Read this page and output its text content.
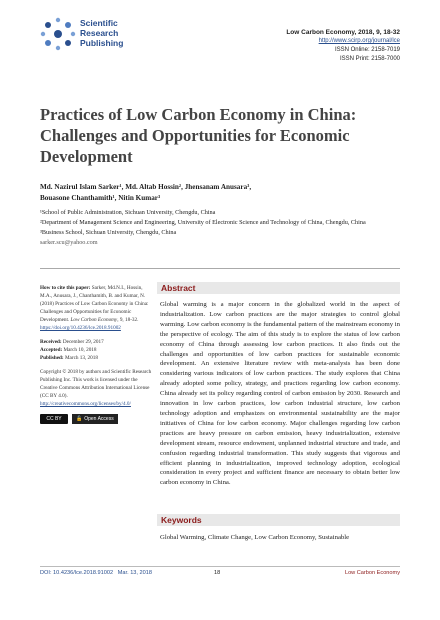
Scientific
Research
Publishing
Low Carbon Economy, 2018, 9, 18-32
http://www.scirp.org/journal/lce
ISSN Online: 2158-7019
ISSN Print: 2158-7000
Practices of Low Carbon Economy in China: Challenges and Opportunities for Economic Development
Md. Nazirul Islam Sarker¹, Md. Altab Hossin², Jhensanam Anusara³,
Bouasone Chanthamith¹, Nitin Kumar³
¹School of Public Administration, Sichuan University, Chengdu, China
²Department of Management Science and Engineering, University of Electronic Science and Technology of China, Chengdu, China
³Business School, Sichuan University, Chengdu, China
sarker.scu@yahoo.com

How to cite this paper: Sarker, Md.N.I., Hossin, M.A., Anusara, J., Chanthamith, B. and Kumar, N. (2018) Practices of Low Carbon Economy in China: Challenges and Opportunities for Economic Development. Low Carbon Economy, 9, 18-32.
https://doi.org/10.4236/lce.2018.91002

Received: December 29, 2017
Accepted: March 10, 2018
Published: March 13, 2018

Copyright © 2018 by authors and Scientific Research Publishing Inc. This work is licensed under the Creative Commons Attribution International License (CC BY 4.0).
http://creativecommons.org/licenses/by/4.0/

CC BY	🔓 Open Access
Abstract
Global warming is a major concern in the globalized world in the aspect of industrialization. Low carbon practices are the major strategies to control global warming. Low carbon economy is the fundamental pattern of the mainstream economy in the perspective of ecology. The aim of this study is to explore the status of low carbon economy of China through assessing low carbon practices. It also finds out the challenges and opportunities of low carbon practices for sustainable economic development. An extensive literature review with meta-analysis has been done considering various indicators of low carbon practices. The study explores that China already adopted some policy, strategy, and practices regarding low carbon economy. China already set its policy regarding control of carbon emission by 2030. Research and innovation in low carbon practices, low carbon industrial structure, low carbon technology adoption and emphasizes on environmental sustainability are the major initiatives of China for low carbon economy. Major challenges regarding low carbon practices are heavy pressure on carbon emission, heavy industrialization, extensive development stream, resource endowment, unplanned industrial structure and trade, and confusion regarding industrial transformation. This study suggests that vigorous and efficient planning in industrialization, improved technology adoption, ecological consideration in every project and sufficient finance are necessary to obtain better low carbon economy in China.
Keywords
Global Warming, Climate Change, Low Carbon Economy, Sustainable
DOI: 10.4236/lce.2018.91002 Mar. 13, 2018	18	Low Carbon Economy
